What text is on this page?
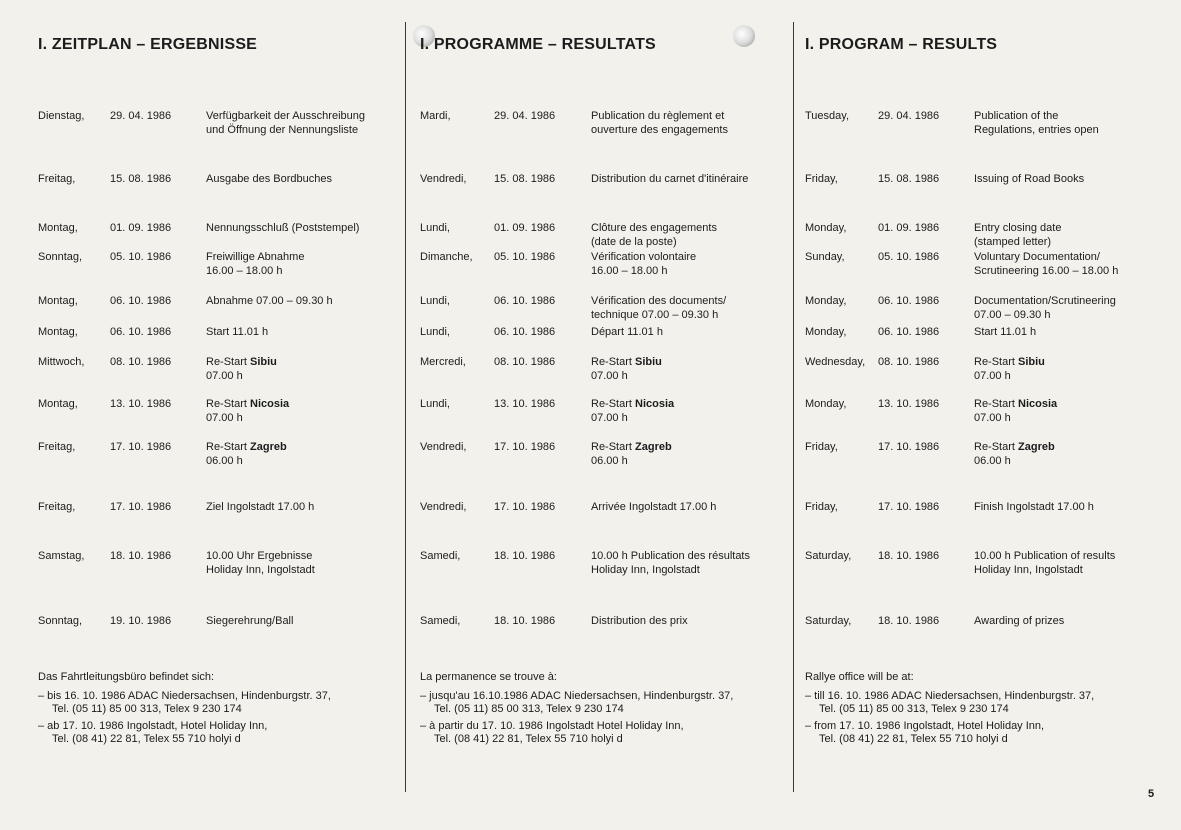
I. ZEITPLAN – ERGEBNISSE
Dienstag, 29. 04. 1986	Verfügbarkeit der Ausschreibung
und Öffnung der Nennungsliste
Freitag,	15. 08. 1986	Ausgabe des Bordbuches
Montag,	01. 09. 1986	Nennungsschluß (Poststempel)
Sonntag,	05. 10. 1986	Freiwillige Abnahme
16.00 – 18.00 h
Montag,	06. 10. 1986	Abnahme 07.00 – 09.30 h
Montag,	06. 10. 1986	Start 11.01 h
Mittwoch, 08. 10. 1986	Re-Start Sibiu
07.00 h
Montag,	13. 10. 1986	Re-Start Nicosia
07.00 h
Freitag,	17. 10. 1986	Re-Start Zagreb
06.00 h
Freitag,	17. 10. 1986	Ziel Ingolstadt 17.00 h
Samstag, 18. 10. 1986	10.00 Uhr Ergebnisse
Holiday Inn, Ingolstadt
Sonntag,	19. 10. 1986	Siegerehrung/Ball

Das Fahrtleitungsbüro befindet sich:

– bis 16. 10. 1986 ADAC Niedersachsen, Hindenburgstr. 37,
Tel. (05 11) 85 00 313, Telex 9 230 174

– ab 17. 10. 1986 Ingolstadt, Hotel Holiday Inn,
Tel. (08 41) 22 81, Telex 55 710 holyi d

I. PROGRAMME – RESULTATS
Mardi,	29. 04. 1986	Publication du règlement et
ouverture des engagements
Vendredi,	15. 08. 1986	Distribution du carnet d'itinéraire
Lundi,	01. 09. 1986	Clôture des engagements
(date de la poste)
Dimanche, 05. 10. 1986	Vérification volontaire
16.00 – 18.00 h
Lundi,	06. 10. 1986	Vérification des documents/
technique 07.00 – 09.30 h
Lundi,	06. 10. 1986	Départ 11.01 h
Mercredi,	08. 10. 1986	Re-Start Sibiu
07.00 h
Lundi,	13. 10. 1986	Re-Start Nicosia
07.00 h
Vendredi,	17. 10. 1986	Re-Start Zagreb
06.00 h
Vendredi,	17. 10. 1986	Arrivée Ingolstadt 17.00 h
Samedi,	18. 10. 1986	10.00 h Publication des résultats
Holiday Inn, Ingolstadt
Samedi,	18. 10. 1986	Distribution des prix

La permanence se trouve à:

– jusqu'au 16.10.1986 ADAC Niedersachsen, Hindenburgstr. 37,
Tel. (05 11) 85 00 313, Telex 9 230 174

– à partir du 17. 10. 1986 Ingolstadt Hotel Holiday Inn,
Tel. (08 41) 22 81, Telex 55 710 holyi d

I. PROGRAM – RESULTS
Tuesday,	29. 04. 1986	Publication of the
Regulations, entries open
Friday,	15. 08. 1986	Issuing of Road Books
Monday,	01. 09. 1986	Entry closing date
(stamped letter)
Sunday,	05. 10. 1986	Voluntary Documentation/
Scrutineering 16.00 – 18.00 h
Monday,	06. 10. 1986	Documentation/Scrutineering
07.00 – 09.30 h
Monday,	06. 10. 1986	Start 11.01 h
Wednesday, 08. 10. 1986	Re-Start Sibiu
07.00 h
Monday,	13. 10. 1986	Re-Start Nicosia
07.00 h
Friday,	17. 10. 1986	Re-Start Zagreb
06.00 h
Friday,	17. 10. 1986	Finish Ingolstadt 17.00 h
Saturday, 18. 10. 1986	10.00 h Publication of results
Holiday Inn, Ingolstadt
Saturday, 18. 10. 1986	Awarding of prizes

Rallye office will be at:

– till 16. 10. 1986 ADAC Niedersachsen, Hindenburgstr. 37,
Tel. (05 11) 85 00 313, Telex 9 230 174

– from 17. 10. 1986 Ingolstadt, Hotel Holiday Inn,
Tel. (08 41) 22 81, Telex 55 710 holyi d

5
